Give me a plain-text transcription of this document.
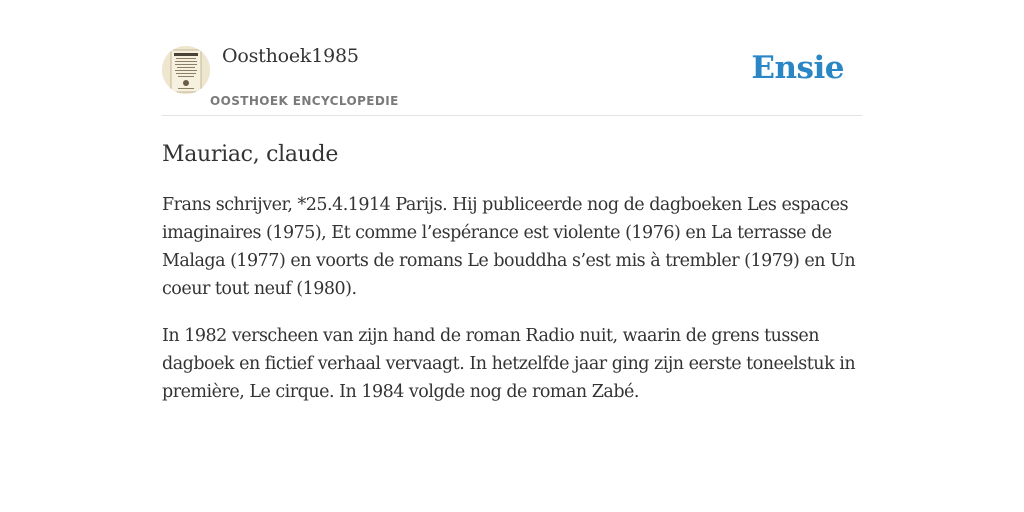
Oosthoek1985
OOSTHOEK ENCYCLOPEDIE
Ensie
Mauriac, claude

Frans schrijver, *25.4.1914 Parijs. Hij publiceerde nog de dagboeken Les espaces imaginaires (1975), Et comme l’espérance est violente (1976) en La terrasse de Malaga (1977) en voorts de romans Le bouddha s’est mis à trembler (1979) en Un coeur tout neuf (1980).

In 1982 verscheen van zijn hand de roman Radio nuit, waarin de grens tussen dagboek en fictief verhaal vervaagt. In hetzelfde jaar ging zijn eerste toneelstuk in première, Le cirque. In 1984 volgde nog de roman Zabé.
